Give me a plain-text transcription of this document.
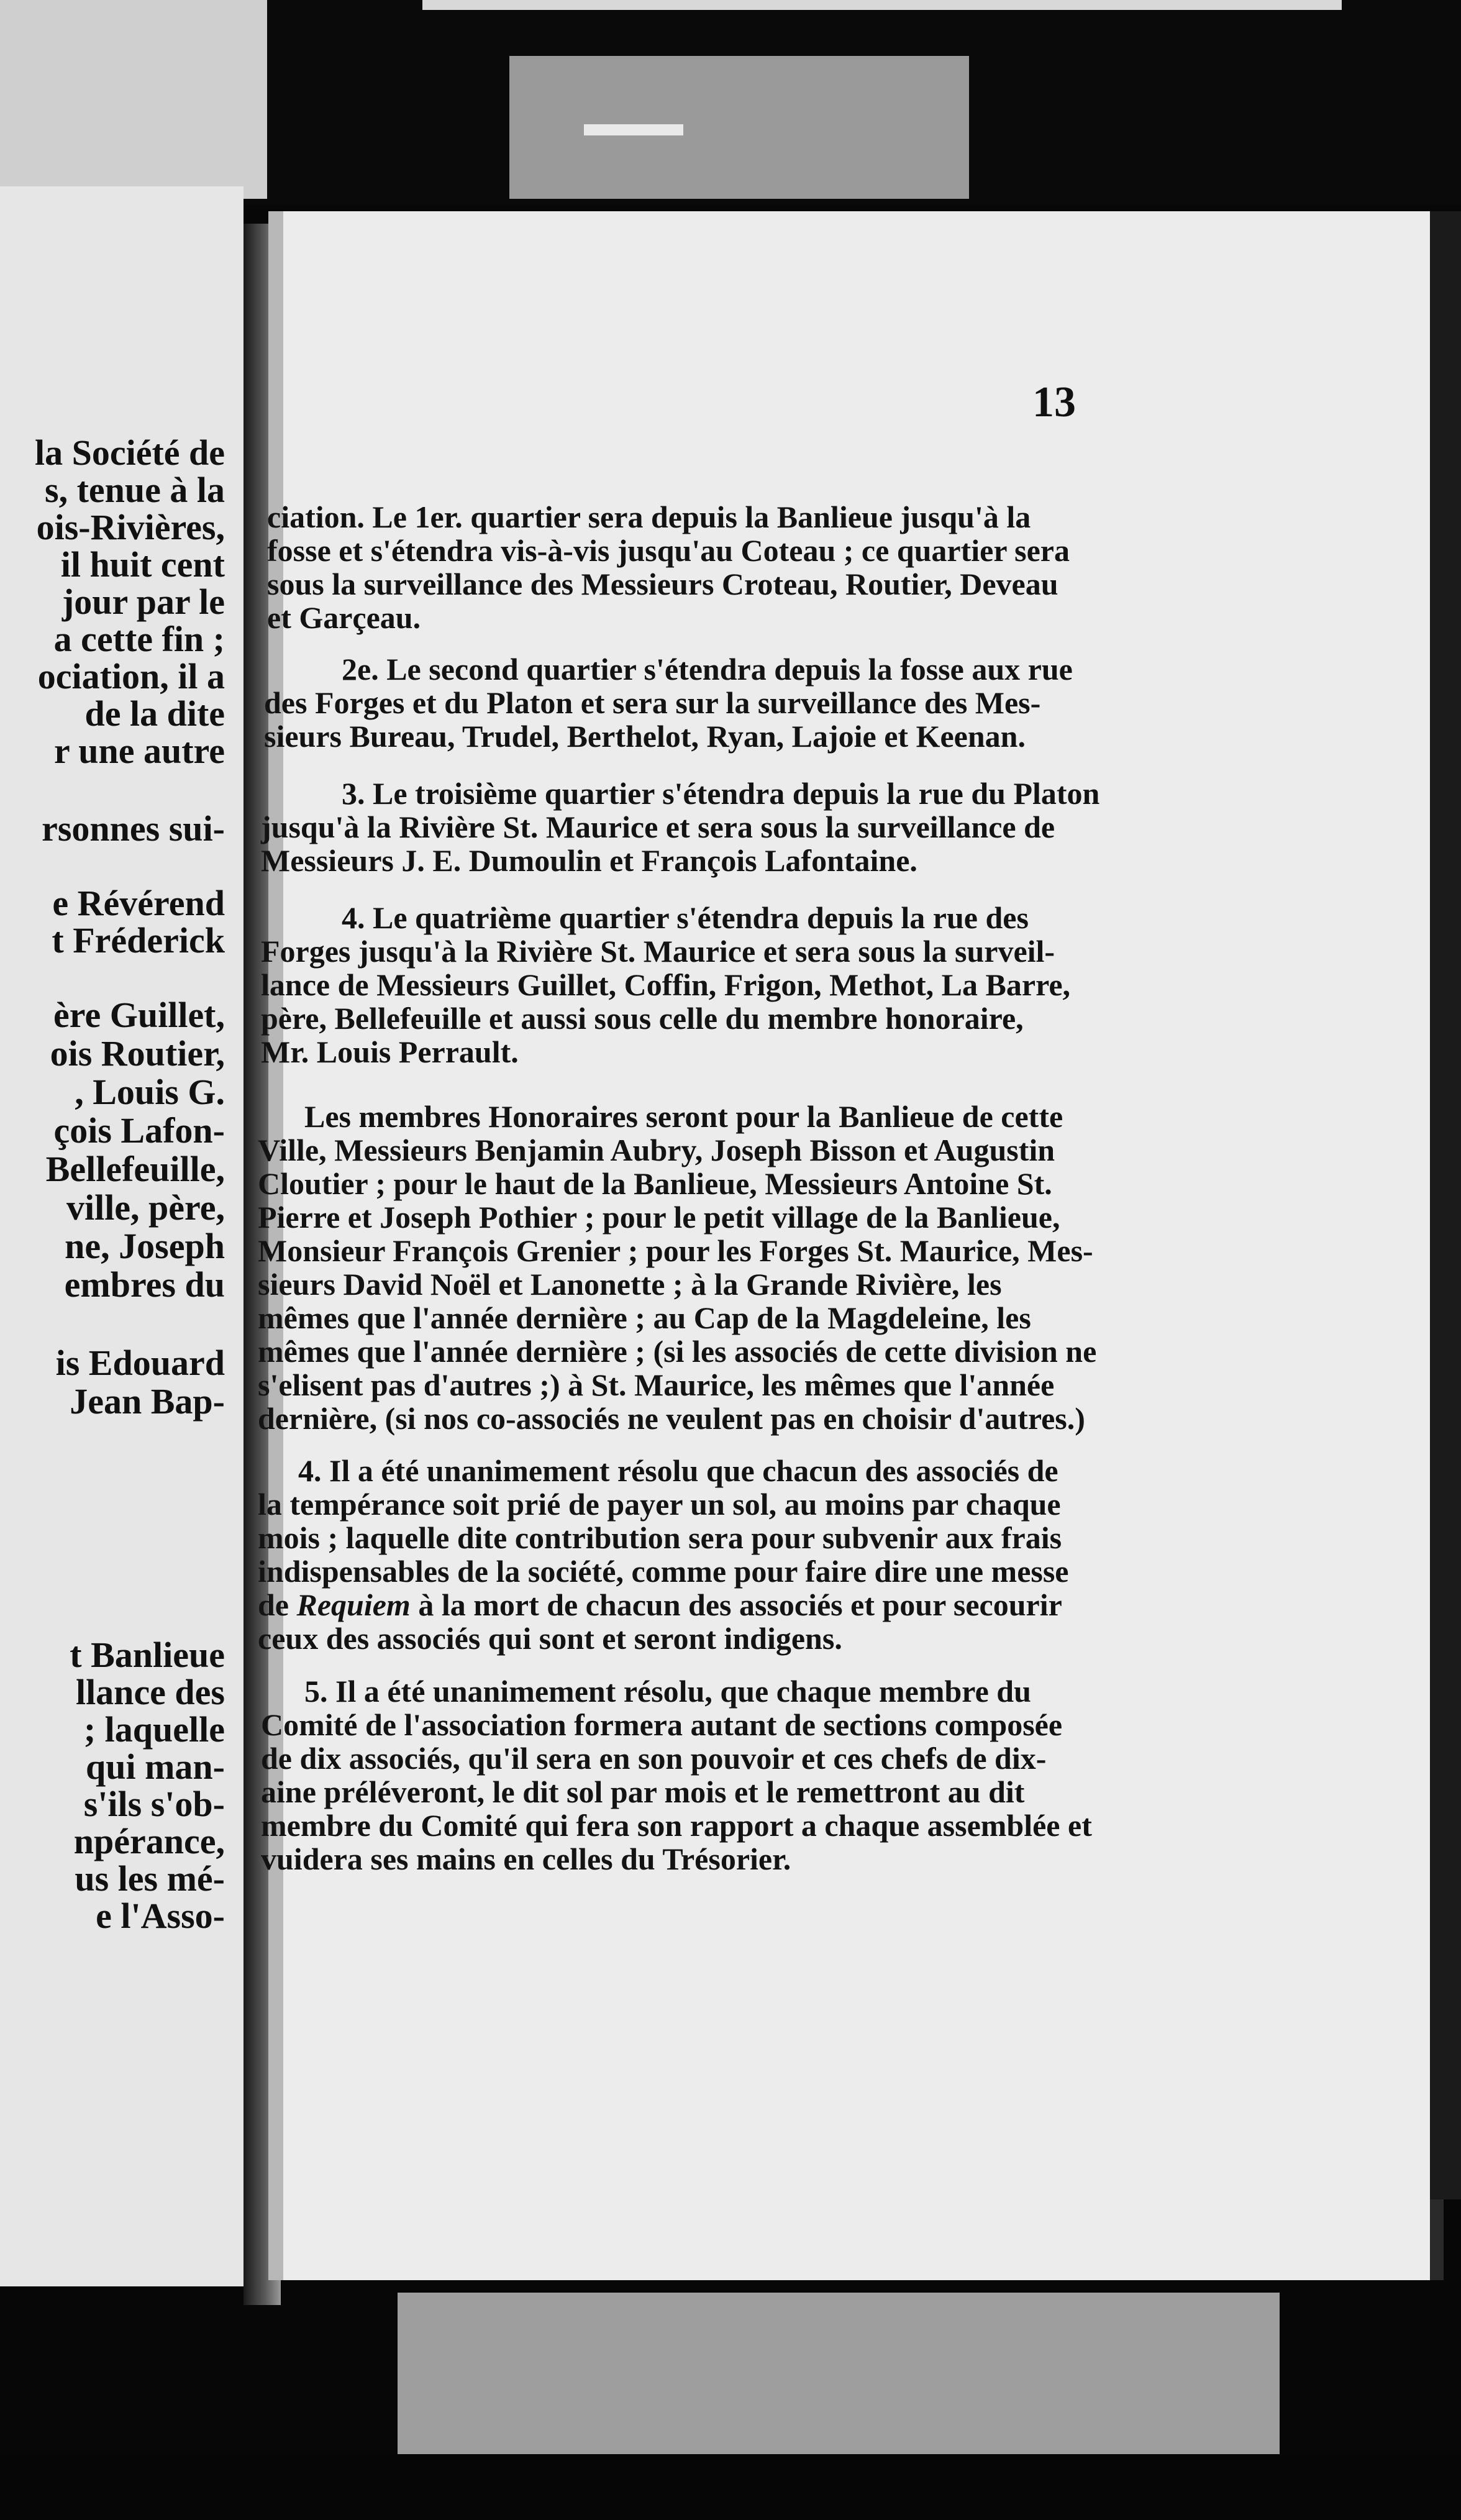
la Société de
s, tenue à la
ois-Rivières,
il huit cent
jour par le
a cette fin ;
ociation, il a
de la dite
r une autre
rsonnes sui-
e Révérend
t Fréderick
ère Guillet,
ois Routier,
, Louis G.
çois Lafon-
Bellefeuille,
ville, père,
ne, Joseph
embres du
is Edouard
Jean Bap-
t Banlieue
llance des
; laquelle
qui man-
s'ils s'ob-
npérance,
us les mé-
e l'Asso-
13
ciation. Le 1er. quartier sera depuis la Banlieue jusqu'à la
fosse et s'étendra vis-à-vis jusqu'au Coteau ; ce quartier sera
sous la surveillance des Messieurs Croteau, Routier, Deveau
et Garçeau.
2e. Le second quartier s'étendra depuis la fosse aux rue
des Forges et du Platon et sera sur la surveillance des Mes-
sieurs Bureau, Trudel, Berthelot, Ryan, Lajoie et Keenan.
3. Le troisième quartier s'étendra depuis la rue du Platon
jusqu'à la Rivière St. Maurice et sera sous la surveillance de
Messieurs J. E. Dumoulin et François Lafontaine.
4. Le quatrième quartier s'étendra depuis la rue des
Forges jusqu'à la Rivière St. Maurice et sera sous la surveil-
lance de Messieurs Guillet, Coffin, Frigon, Methot, La Barre,
père, Bellefeuille et aussi sous celle du membre honoraire,
Mr. Louis Perrault.
Les membres Honoraires seront pour la Banlieue de cette
Ville, Messieurs Benjamin Aubry, Joseph Bisson et Augustin
Cloutier ; pour le haut de la Banlieue, Messieurs Antoine St.
Pierre et Joseph Pothier ; pour le petit village de la Banlieue,
Monsieur François Grenier ; pour les Forges St. Maurice, Mes-
sieurs David Noël et Lanonette ; à la Grande Rivière, les
mêmes que l'année dernière ; au Cap de la Magdeleine, les
mêmes que l'année dernière ; (si les associés de cette division ne
s'elisent pas d'autres ;) à St. Maurice, les mêmes que l'année
dernière, (si nos co-associés ne veulent pas en choisir d'autres.)
4. Il a été unanimement résolu que chacun des associés de
la tempérance soit prié de payer un sol, au moins par chaque
mois ; laquelle dite contribution sera pour subvenir aux frais
indispensables de la société, comme pour faire dire une messe
de Requiem à la mort de chacun des associés et pour secourir
ceux des associés qui sont et seront indigens.
5. Il a été unanimement résolu, que chaque membre du
Comité de l'association formera autant de sections composée
de dix associés, qu'il sera en son pouvoir et ces chefs de dix-
aine préléveront, le dit sol par mois et le remettront au dit
membre du Comité qui fera son rapport a chaque assemblée et
vuidera ses mains en celles du Trésorier.
